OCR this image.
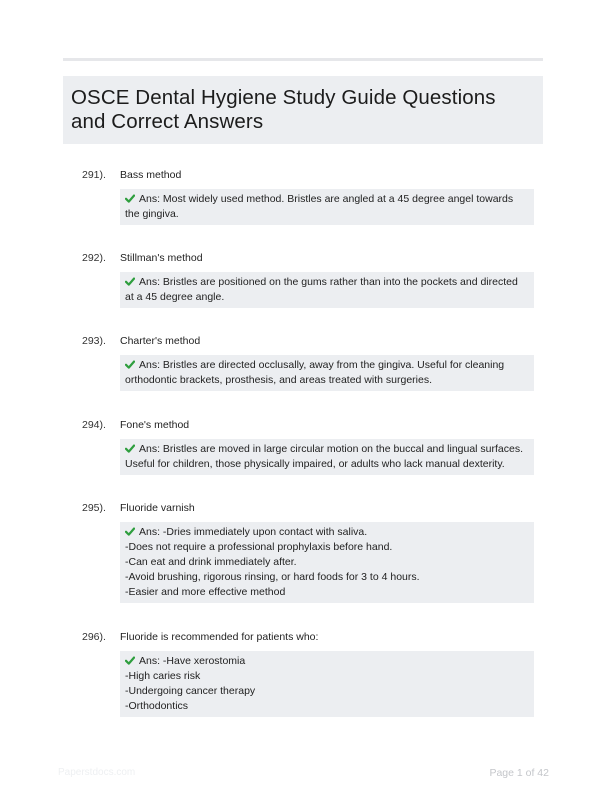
OSCE Dental Hygiene Study Guide Questions and Correct Answers
291). Bass method
Ans: Most widely used method. Bristles are angled at a 45 degree angel towards
the gingiva.
292). Stillman's method
Ans: Bristles are positioned on the gums rather than into the pockets and directed
at a 45 degree angle.
293). Charter's method
Ans: Bristles are directed occlusally, away from the gingiva. Useful for cleaning
orthodontic brackets, prosthesis, and areas treated with surgeries.
294). Fone's method
Ans: Bristles are moved in large circular motion on the buccal and lingual surfaces.
Useful for children, those physically impaired, or adults who lack manual dexterity.
295). Fluoride varnish
Ans: -Dries immediately upon contact with saliva.
-Does not require a professional prophylaxis before hand.
-Can eat and drink immediately after.
-Avoid brushing, rigorous rinsing, or hard foods for 3 to 4 hours.
-Easier and more effective method
296). Fluoride is recommended for patients who:
Ans: -Have xerostomia
-High caries risk
-Undergoing cancer therapy
-Orthodontics
Paperstdocs.com	Page 1 of 42
